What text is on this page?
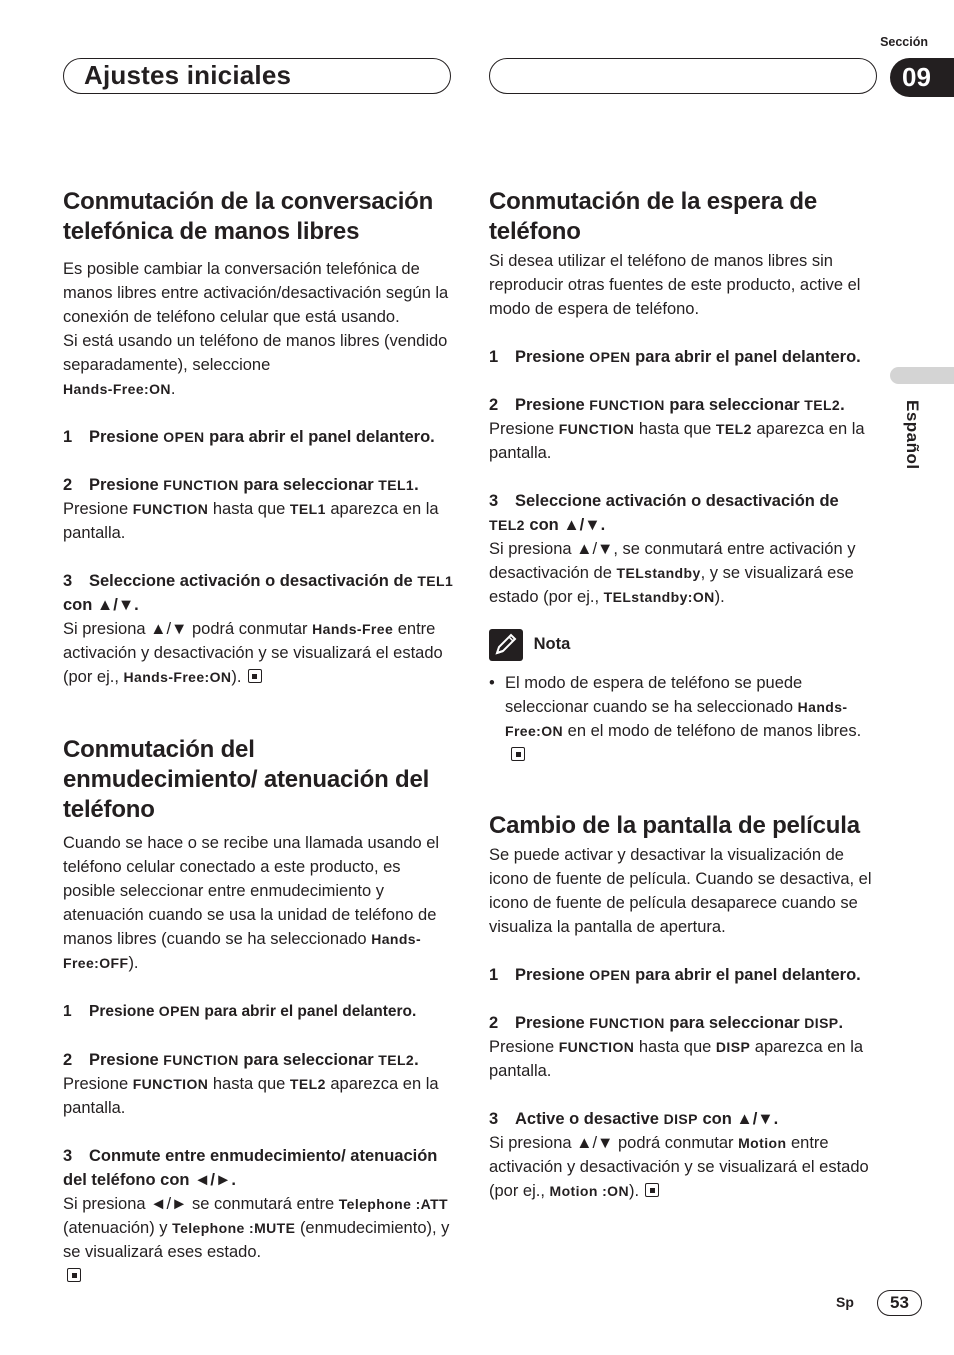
Ajustes iniciales
Sección
09
Español
Conmutación de la conversación telefónica de manos libres

Es posible cambiar la conversación telefónica de manos libres entre activación/desactivación según la conexión de teléfono celular que está usando.
Si está usando un teléfono de manos libres (vendido separadamente), seleccione
Hands-Free:ON.

1 Presione OPEN para abrir el panel delantero.

2 Presione FUNCTION para seleccionar TEL1.

Presione FUNCTION hasta que TEL1 aparezca en la pantalla.

3 Seleccione activación o desactivación de TEL1 con ▲/▼.

Si presiona ▲/▼ podrá conmutar Hands-Free entre activación y desactivación y se visualizará el estado (por ej., Hands-Free:ON).

Conmutación del enmudecimiento/ atenuación del teléfono

Cuando se hace o se recibe una llamada usando el teléfono celular conectado a este producto, es posible seleccionar entre enmudecimiento y atenuación cuando se usa la unidad de teléfono de manos libres (cuando se ha seleccionado Hands-Free:OFF).

1 Presione OPEN para abrir el panel delantero.

2 Presione FUNCTION para seleccionar TEL2.

Presione FUNCTION hasta que TEL2 aparezca en la pantalla.

3 Conmute entre enmudecimiento/ atenuación del teléfono con ◄/►.

Si presiona ◄/► se conmutará entre Telephone :ATT (atenuación) y Telephone :MUTE (enmudecimiento), y se visualizará eses estado.

Conmutación de la espera de teléfono

Si desea utilizar el teléfono de manos libres sin reproducir otras fuentes de este producto, active el modo de espera de teléfono.

1 Presione OPEN para abrir el panel delantero.

2 Presione FUNCTION para seleccionar TEL2.

Presione FUNCTION hasta que TEL2 aparezca en la pantalla.

3 Seleccione activación o desactivación de TEL2 con ▲/▼.

Si presiona ▲/▼, se conmutará entre activación y desactivación de TELstandby, y se visualizará ese estado (por ej., TELstandby:ON).

Nota

• El modo de espera de teléfono se puede seleccionar cuando se ha seleccionado Hands-Free:ON en el modo de teléfono de manos libres.

Cambio de la pantalla de película

Se puede activar y desactivar la visualización de icono de fuente de película. Cuando se desactiva, el icono de fuente de película desaparece cuando se visualiza la pantalla de apertura.

1 Presione OPEN para abrir el panel delantero.

2 Presione FUNCTION para seleccionar DISP.

Presione FUNCTION hasta que DISP aparezca en la pantalla.

3 Active o desactive DISP con ▲/▼.

Si presiona ▲/▼ podrá conmutar Motion entre activación y desactivación y se visualizará el estado (por ej., Motion :ON).

Sp	53
